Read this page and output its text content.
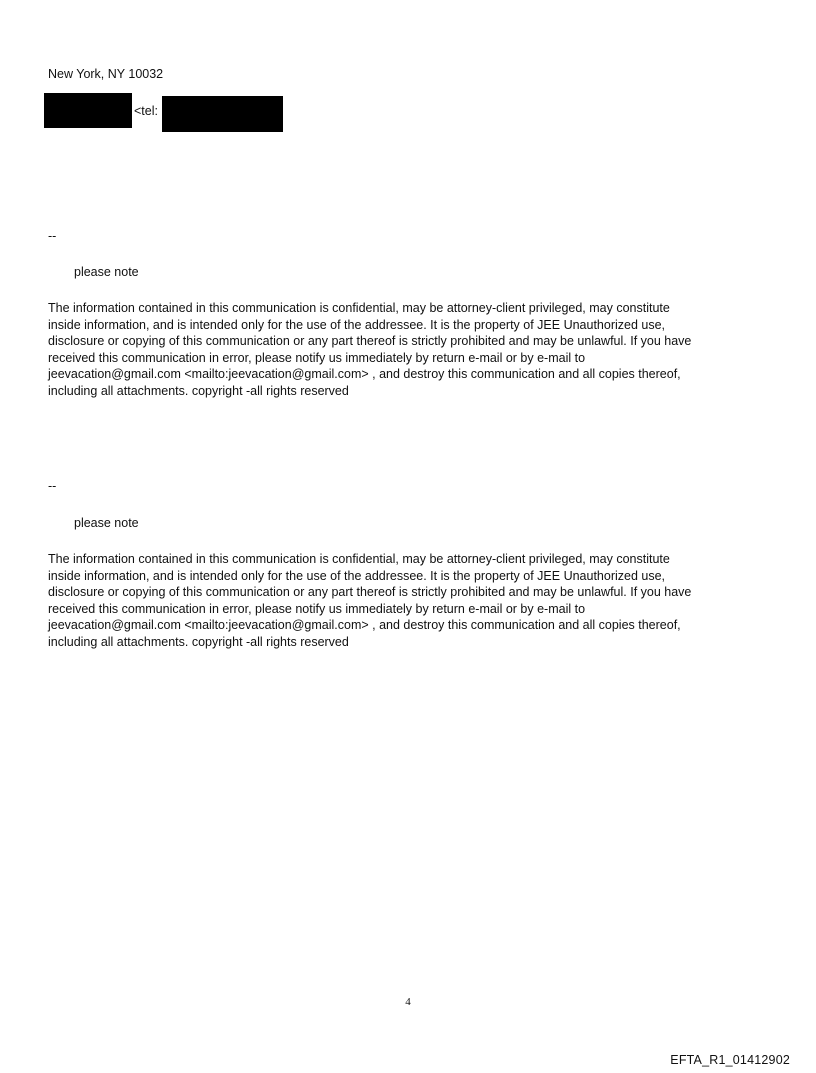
New York, NY 10032
<tel:
--
please note
The information contained in this communication is confidential, may be attorney-client privileged, may constitute
inside information, and is intended only for the use of the addressee. It is the property of JEE Unauthorized use,
disclosure or copying of this communication or any part thereof is strictly prohibited and may be unlawful. If you have
received this communication in error, please notify us immediately by return e-mail or by e-mail to
jeevacation@gmail.com <mailto:jeevacation@gmail.com> , and destroy this communication and all copies thereof,
including all attachments. copyright -all rights reserved
--
please note
The information contained in this communication is confidential, may be attorney-client privileged, may constitute
inside information, and is intended only for the use of the addressee. It is the property of JEE Unauthorized use,
disclosure or copying of this communication or any part thereof is strictly prohibited and may be unlawful. If you have
received this communication in error, please notify us immediately by return e-mail or by e-mail to
jeevacation@gmail.com <mailto:jeevacation@gmail.com> , and destroy this communication and all copies thereof,
including all attachments. copyright -all rights reserved
4
EFTA_R1_01412902
